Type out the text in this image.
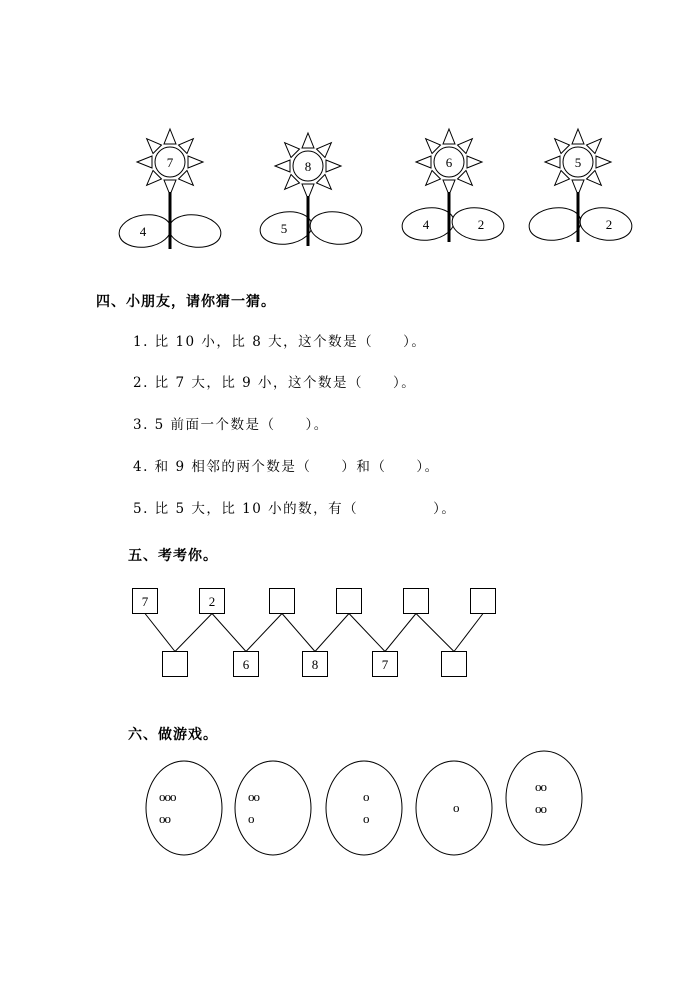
7
4
8
5
6
4	2
5
2
四、小朋友，请你猜一猜。
1. 比 10 小，比 8 大，这个数是（　　）。
2. 比 7 大，比 9 小，这个数是（　　）。
3. 5 前面一个数是（　　）。
4. 和 9 相邻的两个数是（　　）和（　　）。
5. 比 5 大，比 10 小的数，有（　　　　　）。
五、考考你。
7	2
6	8	7
六、做游戏。
ooo
oo
oo
o
o
o
o
oo
oo
